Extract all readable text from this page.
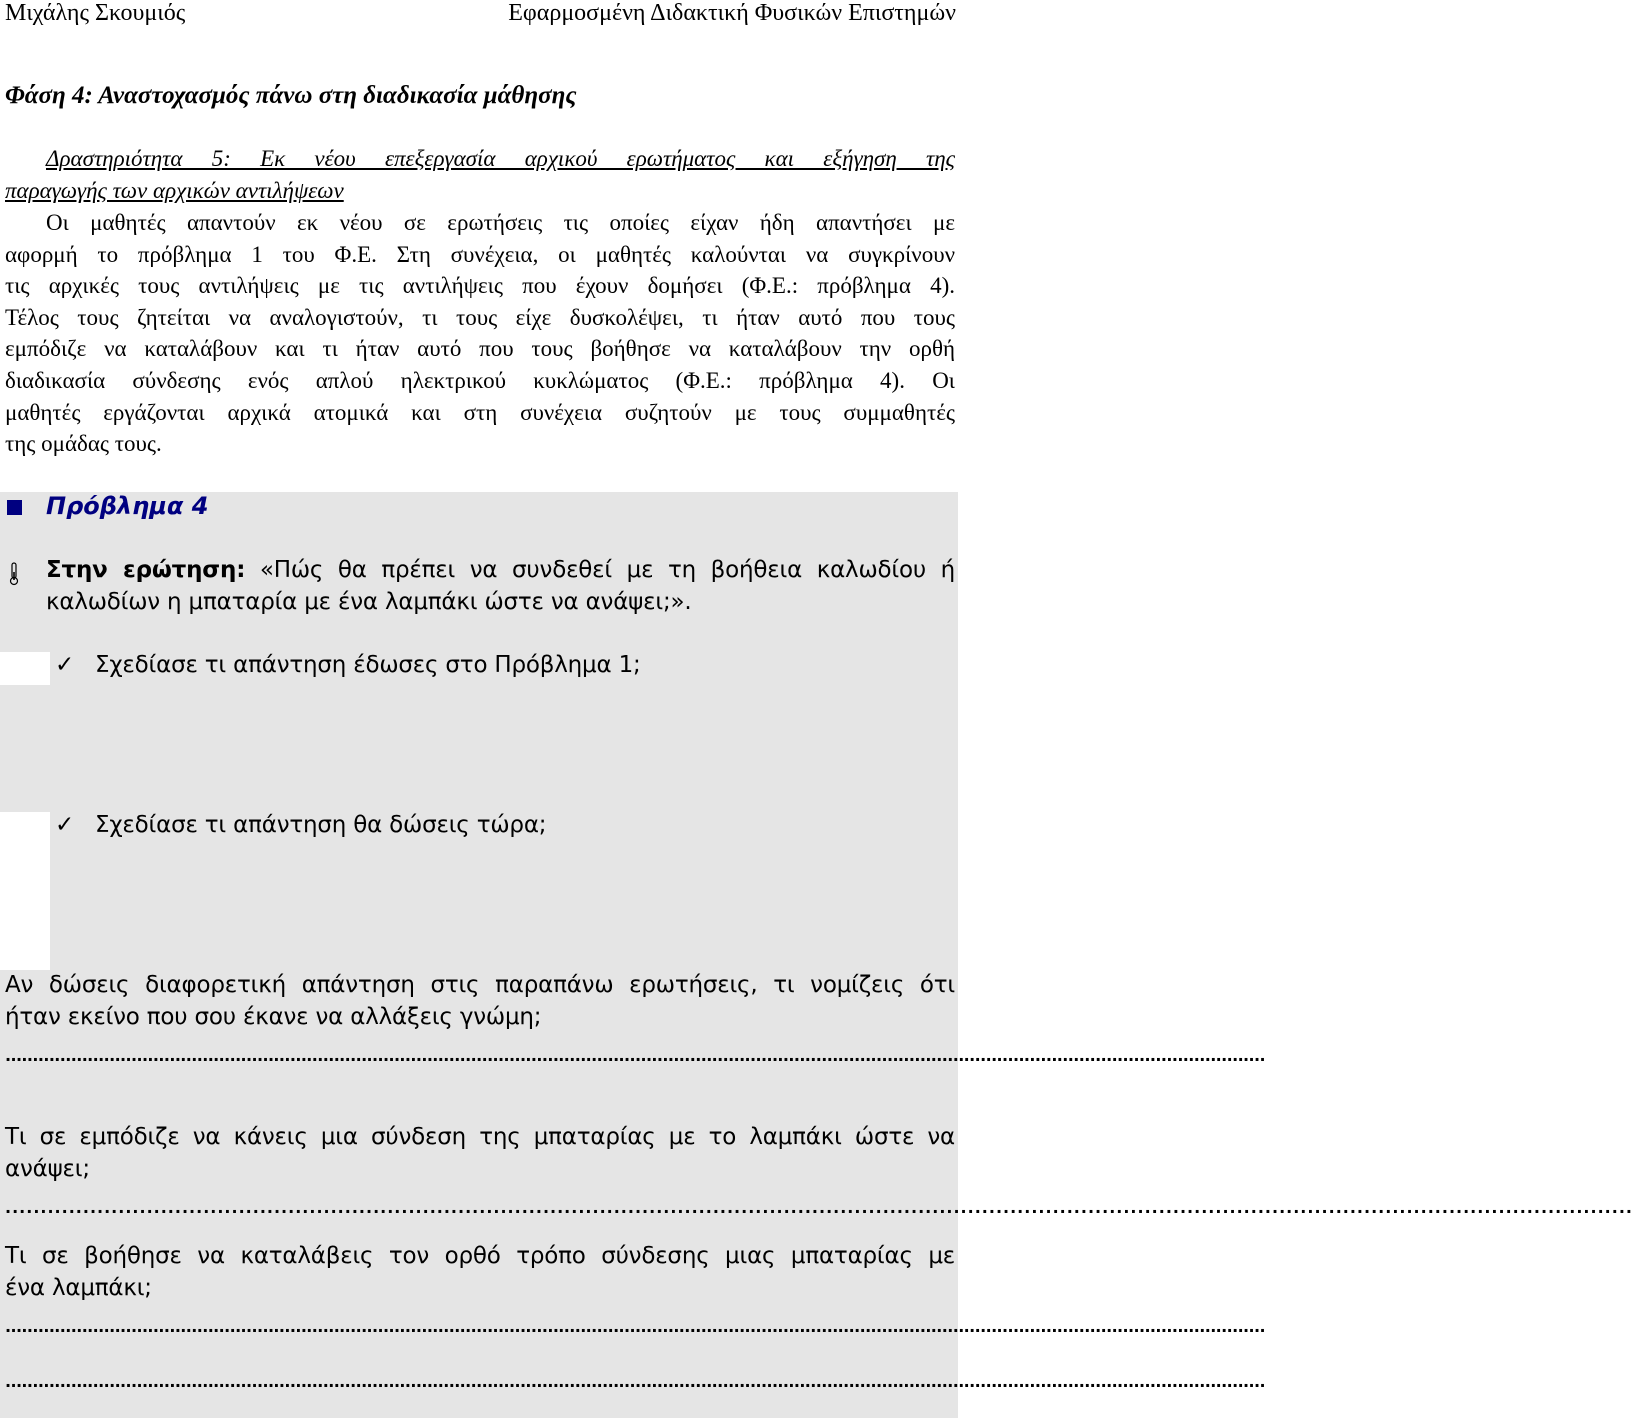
Μιχάλης Σκουμιός	Εφαρμοσμένη Διδακτική Φυσικών Επιστημών
Φάση 4: Αναστοχασμός πάνω στη διαδικασία μάθησης
Δραστηριότητα 5: Εκ νέου επεξεργασία αρχικού ερωτήματος και εξήγηση της
παραγωγής των αρχικών αντιλήψεων
Οι μαθητές απαντούν εκ νέου σε ερωτήσεις τις οποίες είχαν ήδη απαντήσει με
αφορμή το πρόβλημα 1 του Φ.Ε. Στη συνέχεια, οι μαθητές καλούνται να συγκρίνουν
τις αρχικές τους αντιλήψεις με τις αντιλήψεις που έχουν δομήσει (Φ.Ε.: πρόβλημα 4).
Τέλος τους ζητείται να αναλογιστούν, τι τους είχε δυσκολέψει, τι ήταν αυτό που τους
εμπόδιζε να καταλάβουν και τι ήταν αυτό που τους βοήθησε να καταλάβουν την ορθή
διαδικασία σύνδεσης ενός απλού ηλεκτρικού κυκλώματος (Φ.Ε.: πρόβλημα 4). Οι
μαθητές εργάζονται αρχικά ατομικά και στη συνέχεια συζητούν με τους συμμαθητές
της ομάδας τους.
Πρόβλημα 4
Στην ερώτηση: «Πώς θα πρέπει να συνδεθεί με τη βοήθεια καλωδίου ή
καλωδίων η μπαταρία με ένα λαμπάκι ώστε να ανάψει;».
✓ Σχεδίασε τι απάντηση έδωσες στο Πρόβλημα 1;
✓ Σχεδίασε τι απάντηση θα δώσεις τώρα;
Αν δώσεις διαφορετική απάντηση στις παραπάνω ερωτήσεις, τι νομίζεις ότι
ήταν εκείνο που σου έκανε να αλλάξεις γνώμη;
......................................................................................................................................................................................................................................
Τι σε εμπόδιζε να κάνεις μια σύνδεση της μπαταρίας με το λαμπάκι ώστε να
ανάψει;
......................................................................................................................................................................................................................................
Τι σε βοήθησε να καταλάβεις τον ορθό τρόπο σύνδεσης μιας μπαταρίας με
ένα λαμπάκι;
......................................................................................................................................................................................................................................
......................................................................................................................................................................................................................................
